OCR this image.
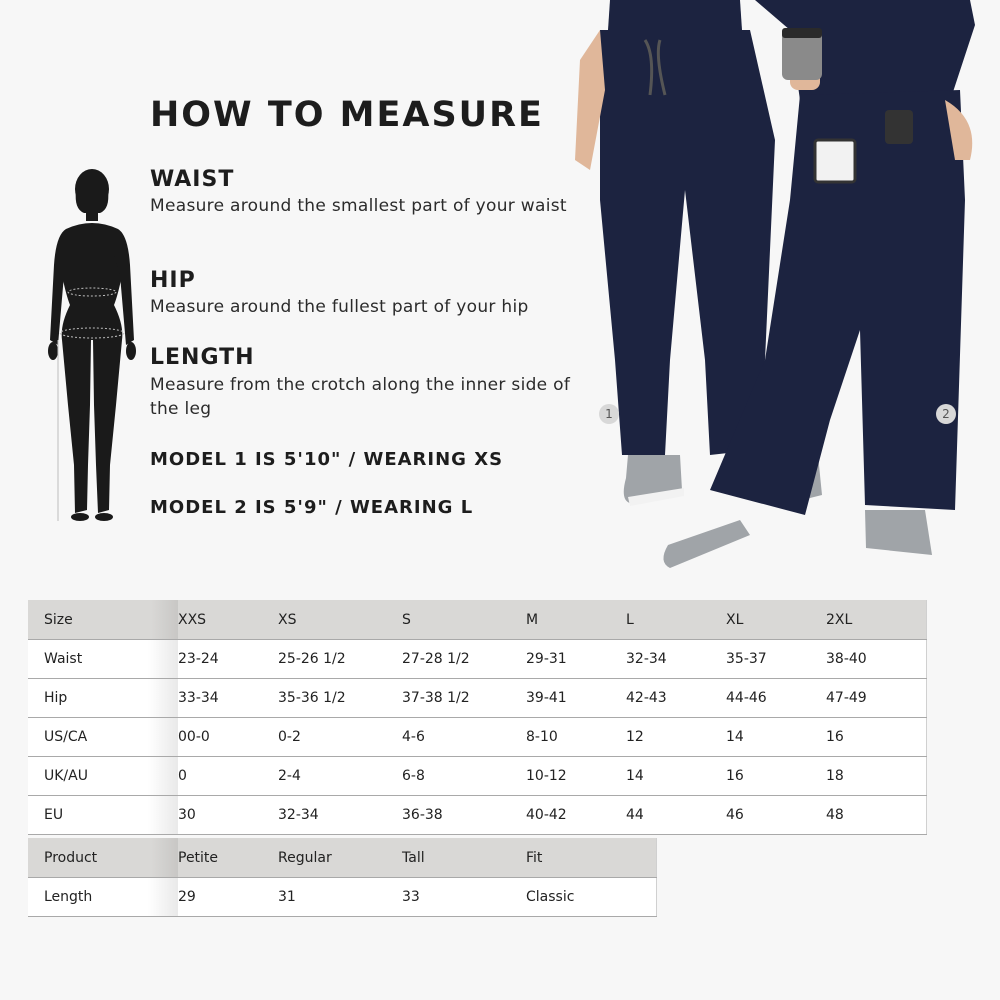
HOW TO MEASURE
WAIST
Measure around the smallest part of your waist
HIP
Measure around the fullest part of your hip
LENGTH
Measure from the crotch along the inner side of the leg
MODEL 1 IS 5'10" / WEARING XS
MODEL 2 IS 5'9" / WEARING L
1	2
Size	XXS	XS	S	M	L	XL	2XL
Waist	23-24	25-26 1/2	27-28 1/2	29-31	32-34	35-37	38-40
Hip	33-34	35-36 1/2	37-38 1/2	39-41	42-43	44-46	47-49
US/CA	00-0	0-2	4-6	8-10	12	14	16
UK/AU	0	2-4	6-8	10-12	14	16	18
EU	30	32-34	36-38	40-42	44	46	48
Product	Petite	Regular	Tall	Fit
Length	29	31	33	Classic
